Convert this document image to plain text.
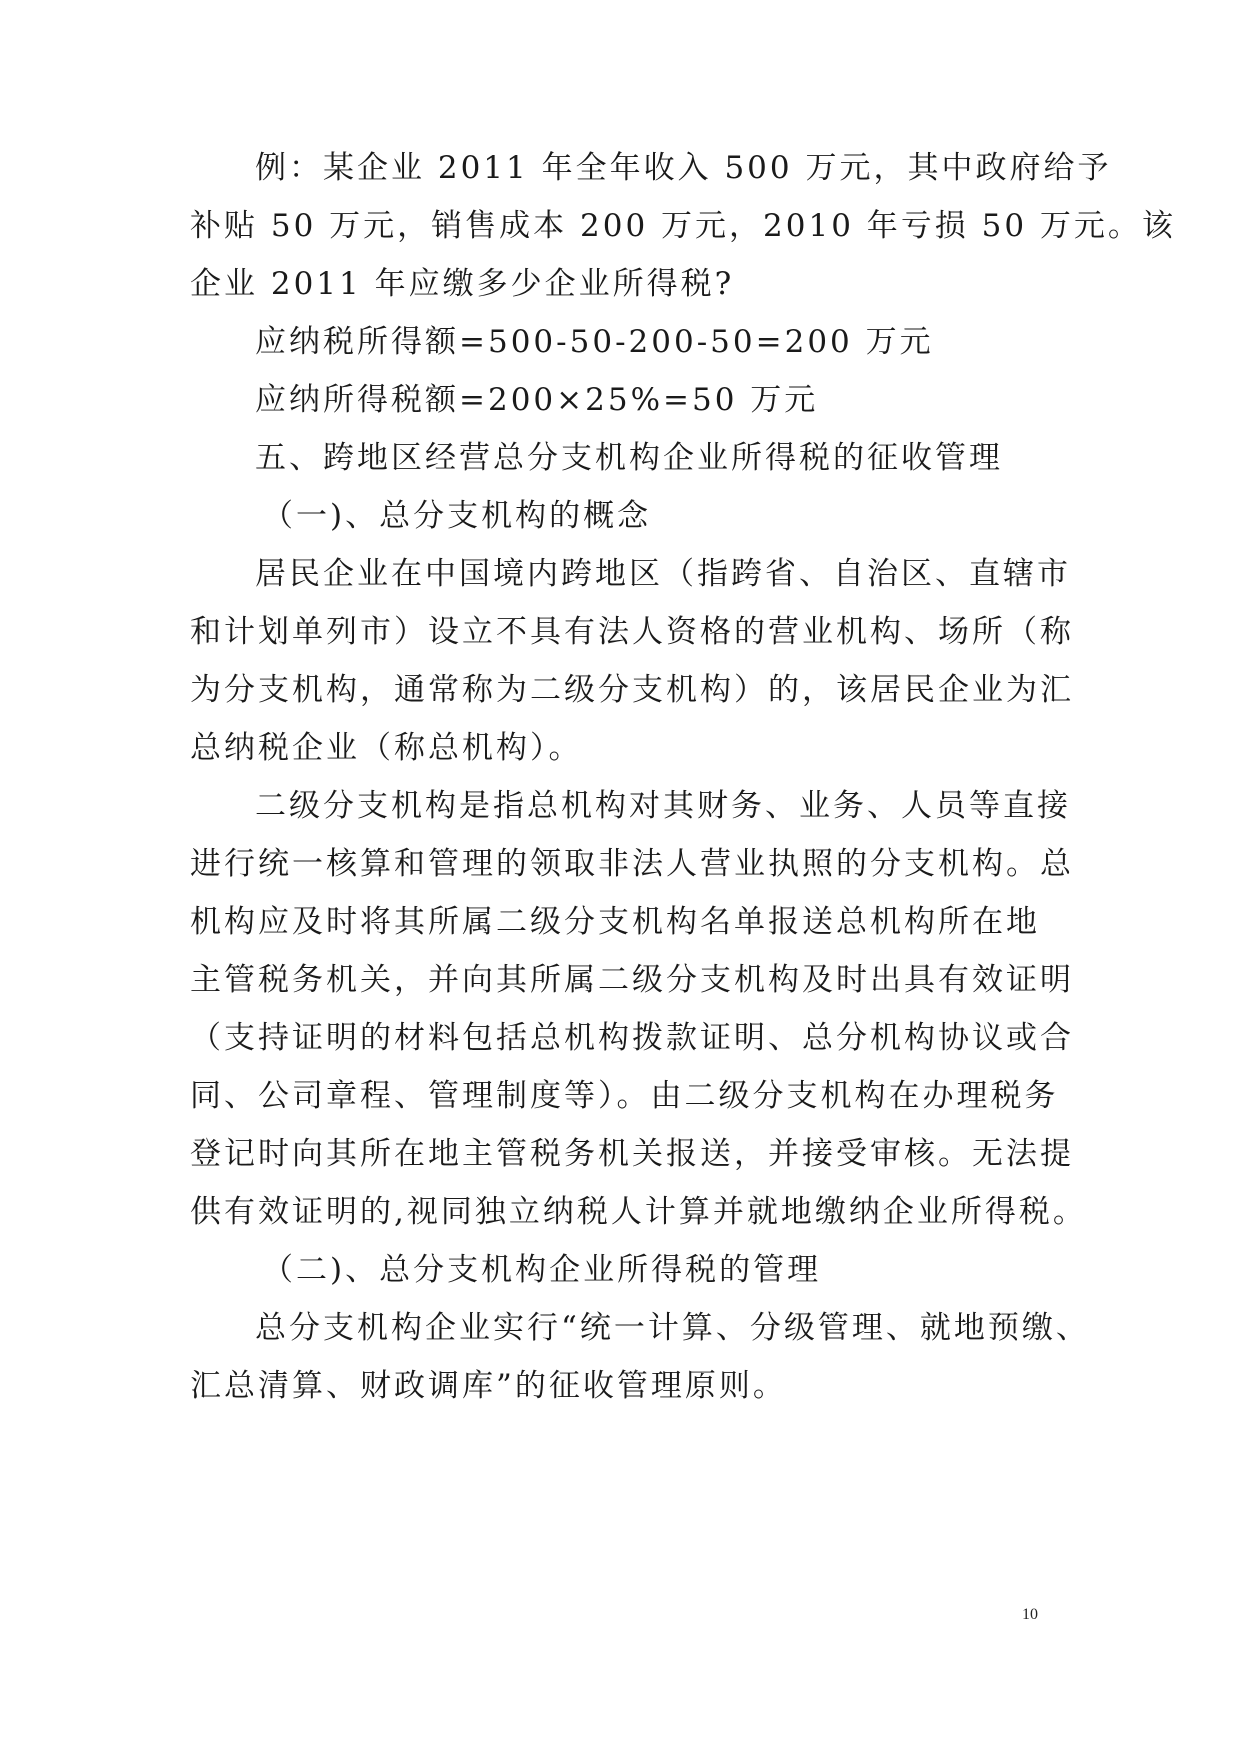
例：某企业 2011 年全年收入 500 万元，其中政府给予
补贴 50 万元，销售成本 200 万元，2010 年亏损 50 万元。该
企业 2011 年应缴多少企业所得税?
应纳税所得额=500-50-200-50=200 万元
应纳所得税额=200×25%=50 万元
五、跨地区经营总分支机构企业所得税的征收管理
（一)、总分支机构的概念
居民企业在中国境内跨地区（指跨省、自治区、直辖市
和计划单列市）设立不具有法人资格的营业机构、场所（称
为分支机构，通常称为二级分支机构）的，该居民企业为汇
总纳税企业（称总机构）。
二级分支机构是指总机构对其财务、业务、人员等直接
进行统一核算和管理的领取非法人营业执照的分支机构。总
机构应及时将其所属二级分支机构名单报送总机构所在地
主管税务机关，并向其所属二级分支机构及时出具有效证明
（支持证明的材料包括总机构拨款证明、总分机构协议或合
同、公司章程、管理制度等）。由二级分支机构在办理税务
登记时向其所在地主管税务机关报送，并接受审核。无法提
供有效证明的,视同独立纳税人计算并就地缴纳企业所得税。
（二)、总分支机构企业所得税的管理
总分支机构企业实行“统一计算、分级管理、就地预缴、
汇总清算、财政调库”的征收管理原则。
10
